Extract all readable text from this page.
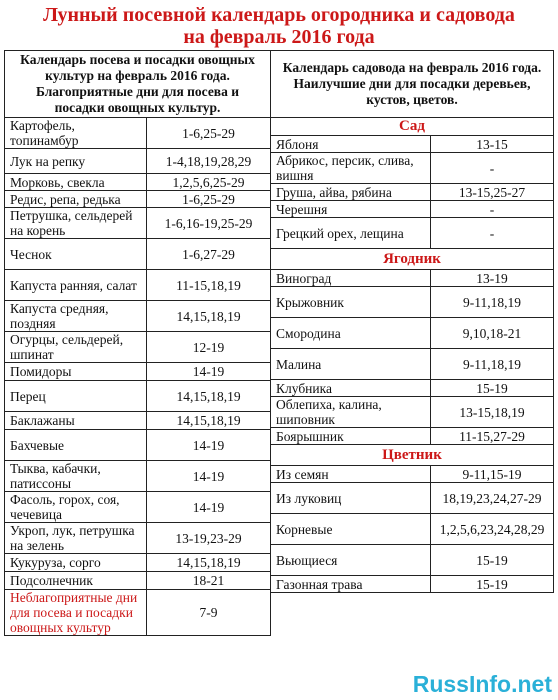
Лунный посевной календарь огородника и садовода
на февраль 2016 года
Календарь посева и посадки овощных культур на февраль 2016 года. Благоприятные дни для посева и посадки овощных культур.	
Картофель, топинамбур	1-6,25-29
Лук на репку	1-4,18,19,28,29
Морковь, свекла	1,2,5,6,25-29
Редис, репа, редька	1-6,25-29
Петрушка, сельдерей на корень	1-6,16-19,25-29
Чеснок	1-6,27-29
Капуста ранняя, салат	11-15,18,19
Капуста средняя, поздняя	14,15,18,19
Огурцы, сельдерей, шпинат	12-19
Помидоры	14-19
Перец	14,15,18,19
Баклажаны	14,15,18,19
Бахчевые	14-19
Тыква, кабачки, патиссоны	14-19
Фасоль, горох, соя, чечевица	14-19
Укроп, лук, петрушка на зелень	13-19,23-29
Кукуруза, сорго	14,15,18,19
Подсолнечник	18-21
Неблагоприятные дни для посева и посадки овощных культур	7-9
Календарь садовода на февраль 2016 года. Наилучшие дни для посадки деревьев, кустов, цветов.	
Сад	
Яблоня	13-15
Абрикос, персик, слива, вишня	-
Груша, айва, рябина	13-15,25-27
Черешня	-
Грецкий орех, лещина	-
Ягодник	
Виноград	13-19
Крыжовник	9-11,18,19
Смородина	9,10,18-21
Малина	9-11,18,19
Клубника	15-19
Облепиха, калина, шиповник	13-15,18,19
Боярышник	11-15,27-29
Цветник	
Из семян	9-11,15-19
Из луковиц	18,19,23,24,27-29
Корневые	1,2,5,6,23,24,28,29
Вьющиеся	15-19
Газонная трава	15-19
RussInfo.net
